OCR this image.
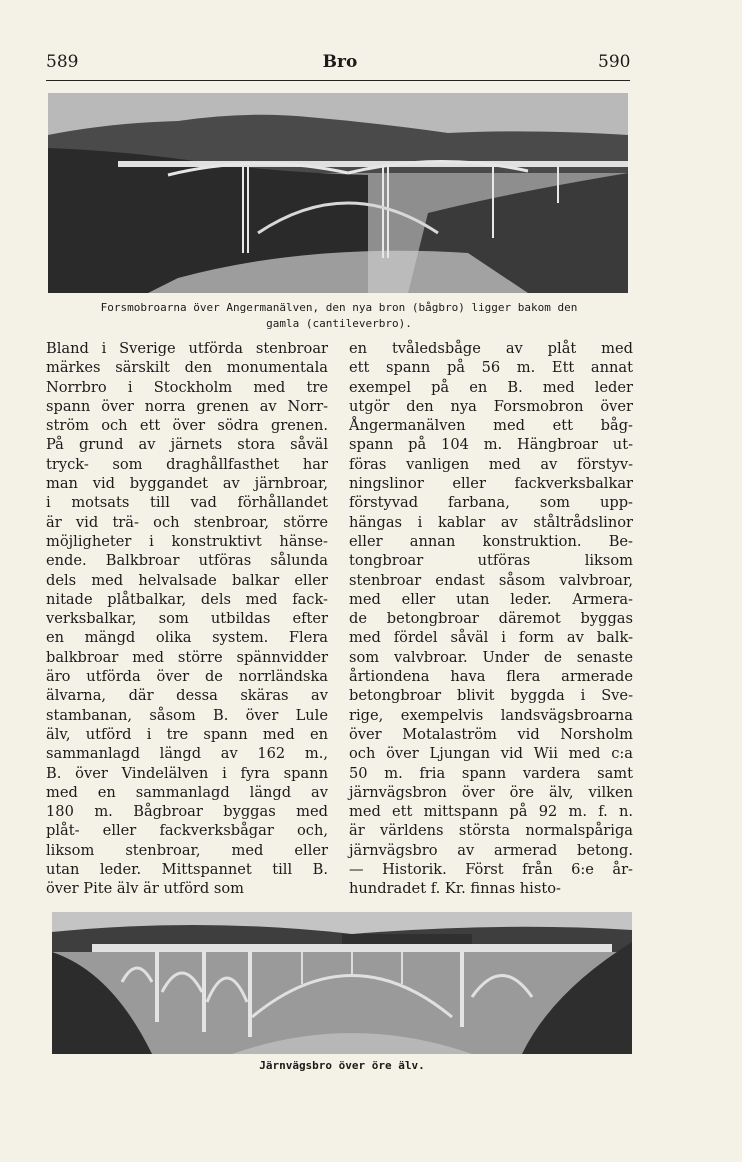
589	Bro	590
Forsmobroarna över Angermanälven, den nya bron (bågbro) ligger bakom den
gamla (cantileverbro).
Bland i Sverige utförda stenbroar
märkes särskilt den monumentala
Norrbro i Stockholm med tre
spann över norra grenen av Norr-
ström och ett över södra grenen.
På grund av järnets stora såväl
tryck- som draghållfasthet har
man vid byggandet av järnbroar,
i motsats till vad förhållandet
är vid trä- och stenbroar, större
möjligheter i konstruktivt hänse-
ende. Balkbroar utföras sålunda
dels med helvalsade balkar eller
nitade plåtbalkar, dels med fack-
verksbalkar, som utbildas efter
en mängd olika system. Flera
balkbroar med större spännvidder
äro utförda över de norrländska
älvarna, där dessa skäras av
stambanan, såsom B. över Lule
älv, utförd i tre spann med en
sammanlagd längd av 162 m.,
B. över Vindelälven i fyra spann
med en sammanlagd längd av
180 m. Bågbroar byggas med
plåt- eller fackverksbågar och,
liksom stenbroar, med eller
utan leder. Mittspannet till B.
över Pite älv är utförd som
en tvåledsbåge av plåt med
ett spann på 56 m. Ett annat
exempel på en B. med leder
utgör den nya Forsmobron över
Ångermanälven med ett båg-
spann på 104 m. Hängbroar ut-
föras vanligen med av förstyv-
ningslinor eller fackverksbalkar
förstyvad farbana, som upp-
hängas i kablar av ståltrådslinor
eller annan konstruktion. Be-
tongbroar utföras liksom
stenbroar endast såsom valvbroar,
med eller utan leder. Armera-
de betongbroar däremot byggas
med fördel såväl i form av balk-
som valvbroar. Under de senaste
årtiondena hava flera armerade
betongbroar blivit byggda i Sve-
rige, exempelvis landsvägsbroarna
över Motalaström vid Norsholm
och över Ljungan vid Wii med c:a
50 m. fria spann vardera samt
järnvägsbron över öre älv, vilken
med ett mittspann på 92 m. f. n.
är världens största normalspåriga
järnvägsbro av armerad betong.
— Historik. Först från 6:e år-
hundradet f. Kr. finnas histo-
Järnvägsbro över öre älv.
